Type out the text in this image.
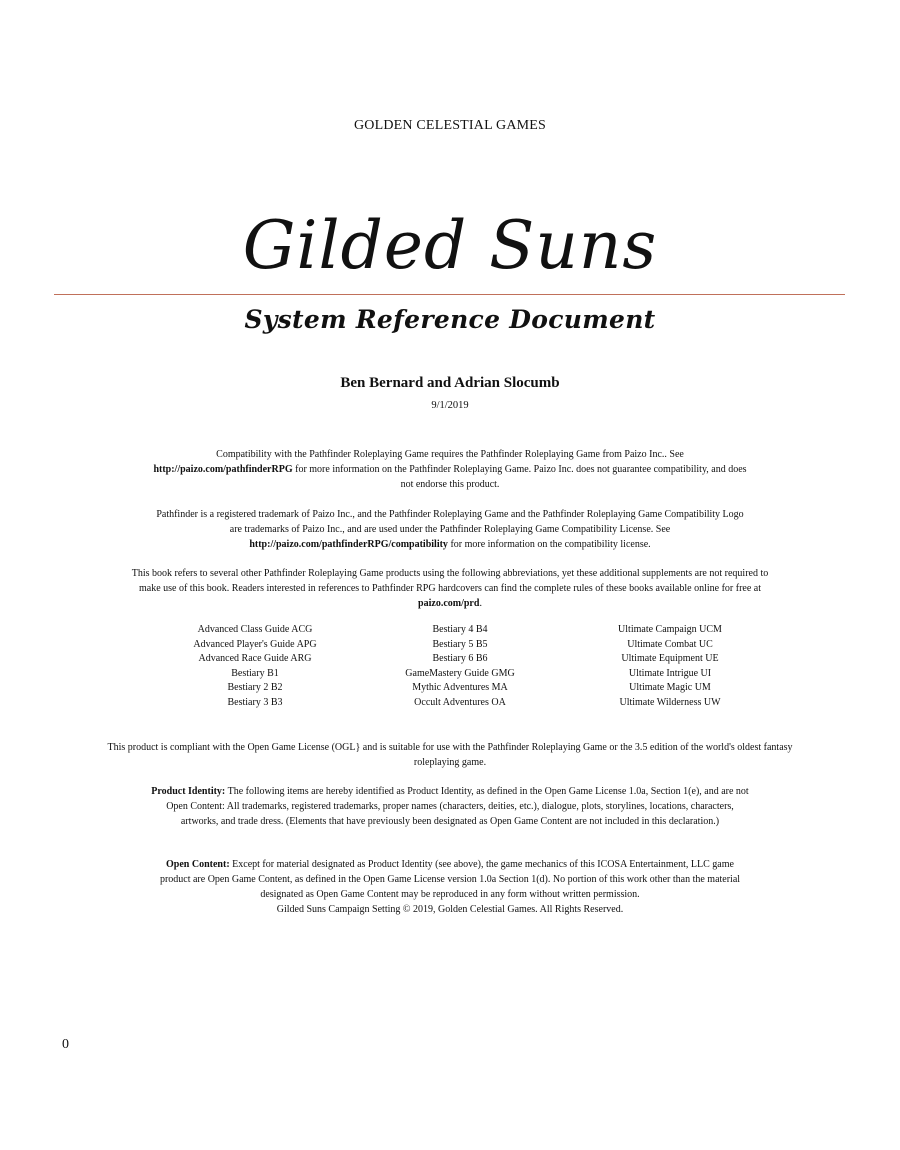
GOLDEN CELESTIAL GAMES
Gilded Suns
System Reference Document
Ben Bernard and Adrian Slocumb
9/1/2019
Compatibility with the Pathfinder Roleplaying Game requires the Pathfinder Roleplaying Game from Paizo Inc.. See http://paizo.com/pathfinderRPG for more information on the Pathfinder Roleplaying Game. Paizo Inc. does not guarantee compatibility, and does not endorse this product.
Pathfinder is a registered trademark of Paizo Inc., and the Pathfinder Roleplaying Game and the Pathfinder Roleplaying Game Compatibility Logo are trademarks of Paizo Inc., and are used under the Pathfinder Roleplaying Game Compatibility License. See http://paizo.com/pathfinderRPG/compatibility for more information on the compatibility license.
This book refers to several other Pathfinder Roleplaying Game products using the following abbreviations, yet these additional supplements are not required to make use of this book. Readers interested in references to Pathfinder RPG hardcovers can find the complete rules of these books available online for free at paizo.com/prd.
Advanced Class Guide ACG
Advanced Player's Guide APG
Advanced Race Guide ARG
Bestiary B1
Bestiary 2 B2
Bestiary 3 B3
Bestiary 4 B4
Bestiary 5 B5
Bestiary 6 B6
GameMastery Guide GMG
Mythic Adventures MA
Occult Adventures OA
Ultimate Campaign UCM
Ultimate Combat UC
Ultimate Equipment UE
Ultimate Intrigue UI
Ultimate Magic UM
Ultimate Wilderness UW
This product is compliant with the Open Game License (OGL} and is suitable for use with the Pathfinder Roleplaying Game or the 3.5 edition of the world's oldest fantasy roleplaying game.
Product Identity: The following items are hereby identified as Product Identity, as defined in the Open Game License 1.0a, Section 1(e), and are not Open Content: All trademarks, registered trademarks, proper names (characters, deities, etc.), dialogue, plots, storylines, locations, characters, artworks, and trade dress. (Elements that have previously been designated as Open Game Content are not included in this declaration.)
Open Content: Except for material designated as Product Identity (see above), the game mechanics of this ICOSA Entertainment, LLC game product are Open Game Content, as defined in the Open Game License version 1.0a Section 1(d). No portion of this work other than the material designated as Open Game Content may be reproduced in any form without written permission.
Gilded Suns Campaign Setting © 2019, Golden Celestial Games. All Rights Reserved.
0
